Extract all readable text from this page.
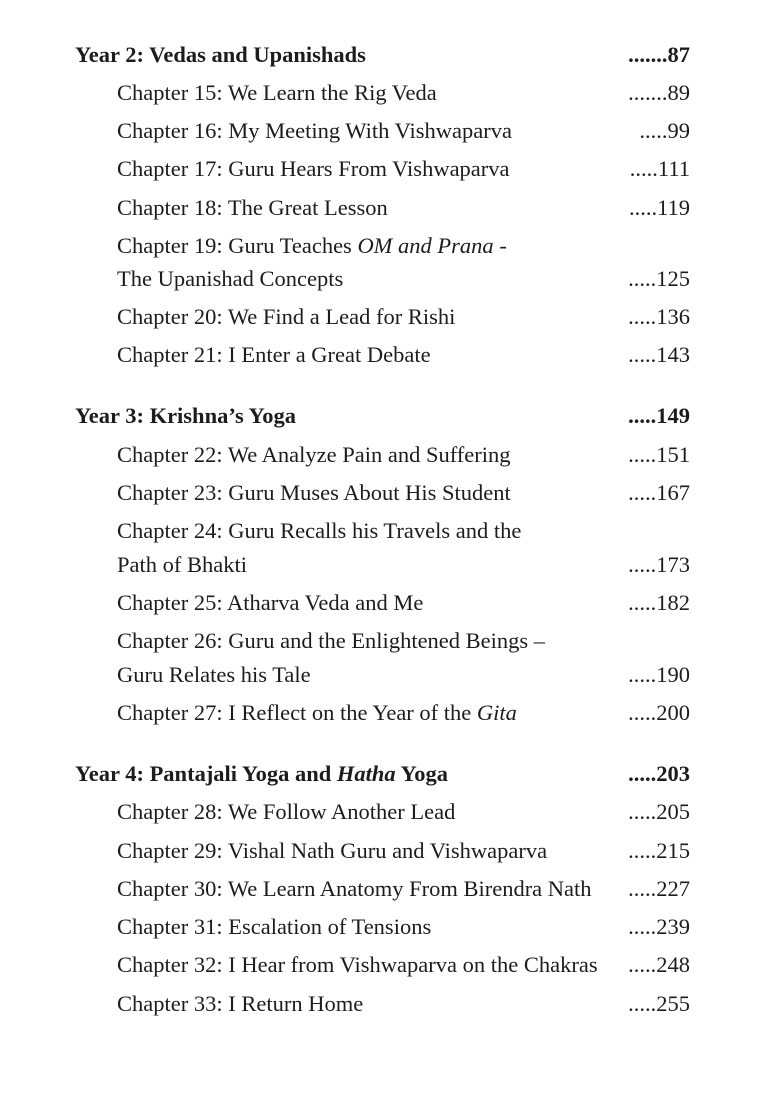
Year 2: Vedas and Upanishads	.......87
Chapter 15: We Learn the Rig Veda	.......89
Chapter 16: My Meeting With Vishwaparva	.....99
Chapter 17: Guru Hears From Vishwaparva	.....111
Chapter 18: The Great Lesson	.....119
Chapter 19: Guru Teaches OM and Prana -
The Upanishad Concepts	.....125
Chapter 20: We Find a Lead for Rishi	.....136
Chapter 21: I Enter a Great Debate	.....143
Year 3: Krishna’s Yoga	.....149
Chapter 22: We Analyze Pain and Suffering	.....151
Chapter 23: Guru Muses About His Student	.....167
Chapter 24: Guru Recalls his Travels and the
Path of Bhakti	.....173
Chapter 25: Atharva Veda and Me	.....182
Chapter 26: Guru and the Enlightened Beings –
Guru Relates his Tale	.....190
Chapter 27: I Reflect on the Year of the Gita	.....200
Year 4: Pantajali Yoga and Hatha Yoga	.....203
Chapter 28: We Follow Another Lead	.....205
Chapter 29: Vishal Nath Guru and Vishwaparva	.....215
Chapter 30: We Learn Anatomy From Birendra Nath .....227
Chapter 31: Escalation of Tensions	.....239
Chapter 32: I Hear from Vishwaparva on the Chakras .....248
Chapter 33: I Return Home	.....255
